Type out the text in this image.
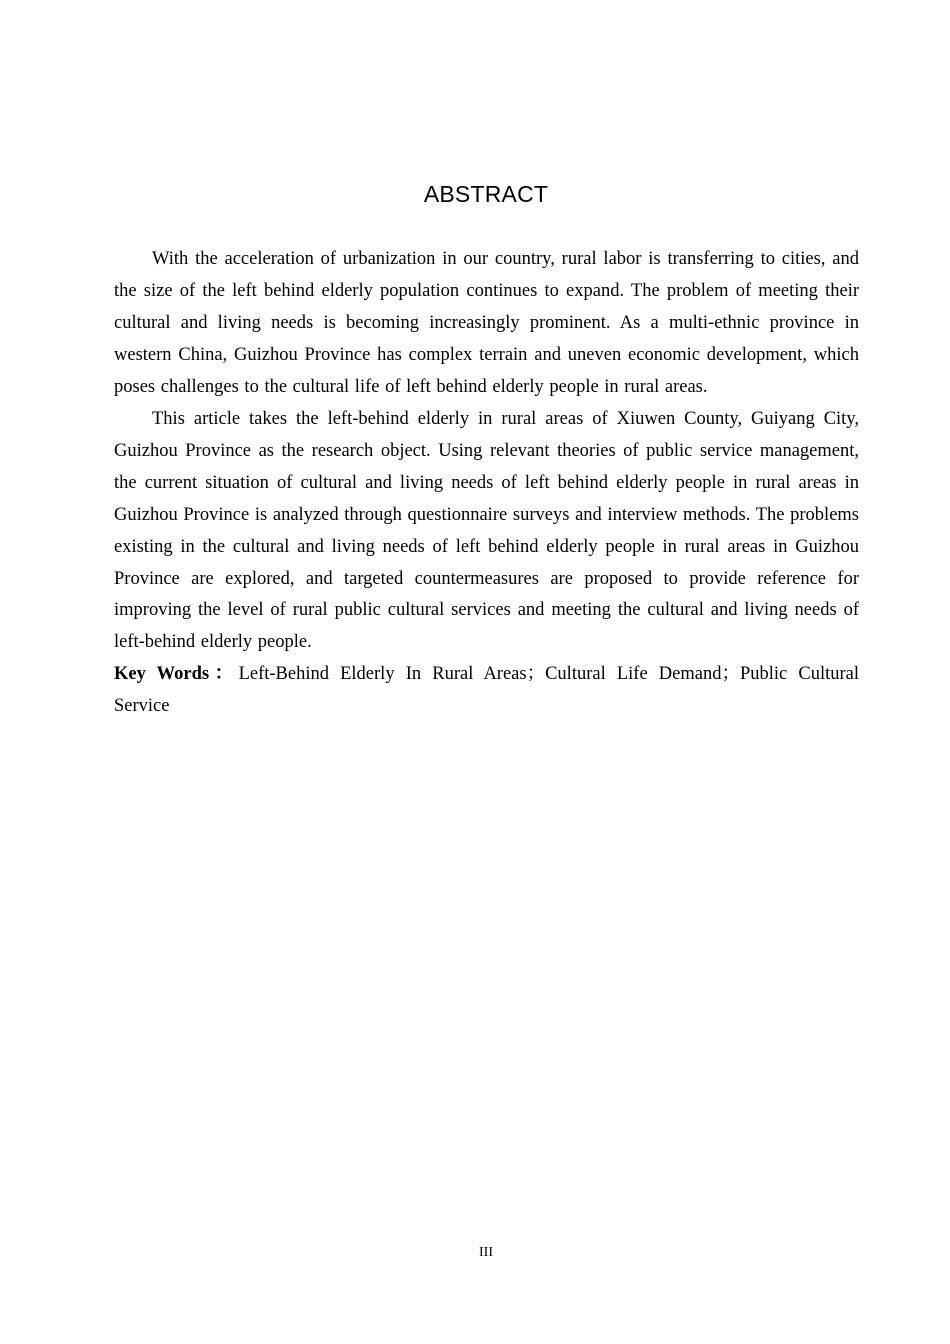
ABSTRACT

With the acceleration of urbanization in our country, rural labor is transferring to cities, and the size of the left behind elderly population continues to expand. The problem of meeting their cultural and living needs is becoming increasingly prominent. As a multi-ethnic province in western China, Guizhou Province has complex terrain and uneven economic development, which poses challenges to the cultural life of left behind elderly people in rural areas.

This article takes the left-behind elderly in rural areas of Xiuwen County, Guiyang City, Guizhou Province as the research object. Using relevant theories of public service management, the current situation of cultural and living needs of left behind elderly people in rural areas in Guizhou Province is analyzed through questionnaire surveys and interview methods. The problems existing in the cultural and living needs of left behind elderly people in rural areas in Guizhou Province are explored, and targeted countermeasures are proposed to provide reference for improving the level of rural public cultural services and meeting the cultural and living needs of left-behind elderly people.

Key Words：Left-Behind Elderly In Rural Areas；Cultural Life Demand；Public Cultural Service

III
